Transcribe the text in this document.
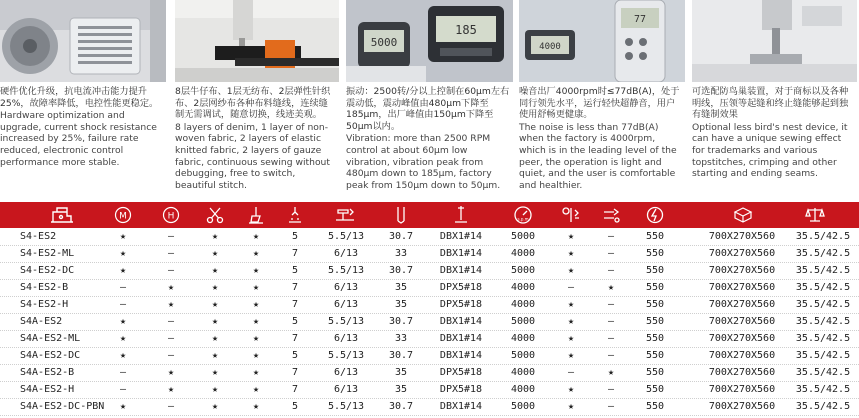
硬件优化升级，抗电流冲击能力提升25%，故障率降低，电控性能更稳定。

Hardware optimization and upgrade, current shock resistance increased by 25%, failure rate reduced, electronic control performance more stable.

8层牛仔布、1层无纺布、2层弹性针织布、2层网纱布各种布料缝线，连续缝制无需调试，随意切换，线迹美观。

8 layers of denim, 1 layer of non-woven fabric, 2 layers of elastic knitted fabric, 2 layers of gauze fabric, continuous sewing without debugging, free to switch, beautiful stitch.

5000
185

振动：2500转/分以上控制在60μm左右震动低，震动峰值由480μm下降至185μm，出厂峰值由150μm下降至50μm以内。

Vibration: more than 2500 RPM control at about 60μm low vibration, vibration peak from 480μm down to 185μm, factory peak from 150μm down to 50μm.

4000
77

噪音出厂4000rpm时≤77dB(A)，处于同行领先水平，运行轻快超静音，用户使用舒畅更健康。

The noise is less than 77dB(A) when the factory is 4000rpm, which is in the leading level of the peer, the operation is light and quiet, and the user is comfortable and healthier.

可选配防鸟巢装置，对于商标以及各种明线，压领等起缝和终止缝能够起到独有缝制效果

Optional less bird's nest device, it can have a unique sewing effect for trademarks and various topstitches, crimping and other starting and ending seams.

M	H	s.p.m
S4-ES2	★	—	★	★	5	5.5/13	30.7	DBX1#14	5000	★	—	550	700X270X560	35.5/42.5
S4-ES2-ML	★	—	★	★	7	6/13	33	DBX1#14	4000	★	—	550	700X270X560	35.5/42.5
S4-ES2-DC	★	—	★	★	5	5.5/13	30.7	DBX1#14	5000	★	—	550	700X270X560	35.5/42.5
S4-ES2-B	—	★	★	★	7	6/13	35	DPX5#18	4000	—	★	550	700X270X560	35.5/42.5
S4-ES2-H	—	★	★	★	7	6/13	35	DPX5#18	4000	★	—	550	700X270X560	35.5/42.5
S4A-ES2	★	—	★	★	5	5.5/13	30.7	DBX1#14	5000	★	—	550	700X270X560	35.5/42.5
S4A-ES2-ML	★	—	★	★	7	6/13	33	DBX1#14	4000	★	—	550	700X270X560	35.5/42.5
S4A-ES2-DC	★	—	★	★	5	5.5/13	30.7	DBX1#14	5000	★	—	550	700X270X560	35.5/42.5
S4A-ES2-B	—	★	★	★	7	6/13	35	DPX5#18	4000	—	★	550	700X270X560	35.5/42.5
S4A-ES2-H	—	★	★	★	7	6/13	35	DPX5#18	4000	★	—	550	700X270X560	35.5/42.5
S4A-ES2-DC-PBN	★	—	★	★	5	5.5/13	30.7	DBX1#14	5000	★	—	550	700X270X560	35.5/42.5
